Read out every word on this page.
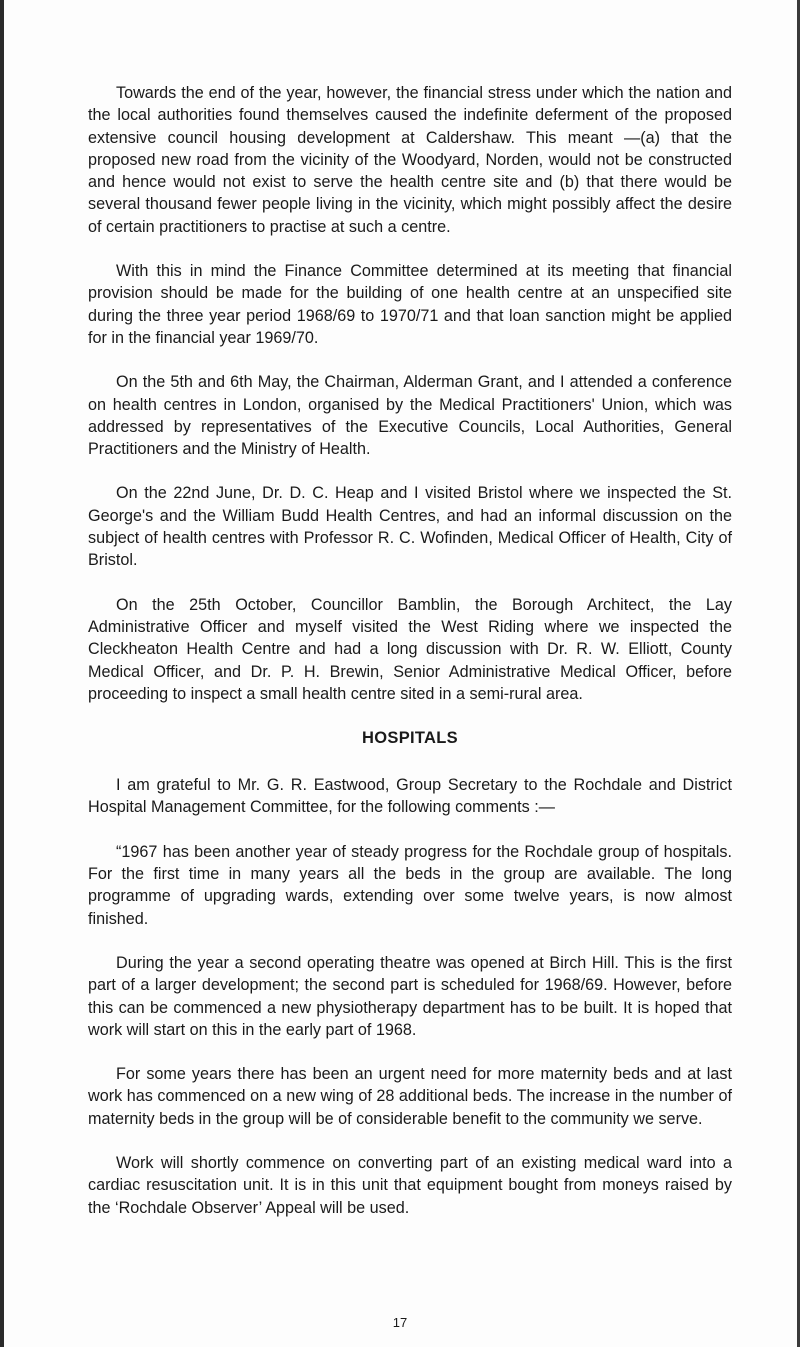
Towards the end of the year, however, the financial stress under which the nation and the local authorities found themselves caused the indefinite deferment of the proposed extensive council housing development at Caldershaw. This meant —(a) that the proposed new road from the vicinity of the Woodyard, Norden, would not be constructed and hence would not exist to serve the health centre site and (b) that there would be several thousand fewer people living in the vicinity, which might possibly affect the desire of certain practitioners to practise at such a centre.

With this in mind the Finance Committee determined at its meeting that financial provision should be made for the building of one health centre at an unspecified site during the three year period 1968/69 to 1970/71 and that loan sanction might be applied for in the financial year 1969/70.

On the 5th and 6th May, the Chairman, Alderman Grant, and I attended a conference on health centres in London, organised by the Medical Practitioners' Union, which was addressed by representatives of the Executive Councils, Local Authorities, General Practitioners and the Ministry of Health.

On the 22nd June, Dr. D. C. Heap and I visited Bristol where we inspected the St. George's and the William Budd Health Centres, and had an informal discussion on the subject of health centres with Professor R. C. Wofinden, Medical Officer of Health, City of Bristol.

On the 25th October, Councillor Bamblin, the Borough Architect, the Lay Administrative Officer and myself visited the West Riding where we inspected the Cleckheaton Health Centre and had a long discussion with Dr. R. W. Elliott, County Medical Officer, and Dr. P. H. Brewin, Senior Administrative Medical Officer, before proceeding to inspect a small health centre sited in a semi-rural area.

HOSPITALS

I am grateful to Mr. G. R. Eastwood, Group Secretary to the Rochdale and District Hospital Management Committee, for the following comments :—

“1967 has been another year of steady progress for the Rochdale group of hospitals. For the first time in many years all the beds in the group are available. The long programme of upgrading wards, extending over some twelve years, is now almost finished.

During the year a second operating theatre was opened at Birch Hill. This is the first part of a larger development; the second part is scheduled for 1968/69. However, before this can be commenced a new physiotherapy department has to be built. It is hoped that work will start on this in the early part of 1968.

For some years there has been an urgent need for more maternity beds and at last work has commenced on a new wing of 28 additional beds. The increase in the number of maternity beds in the group will be of considerable benefit to the community we serve.

Work will shortly commence on converting part of an existing medical ward into a cardiac resuscitation unit. It is in this unit that equipment bought from moneys raised by the ‘Rochdale Observer’ Appeal will be used.

17
